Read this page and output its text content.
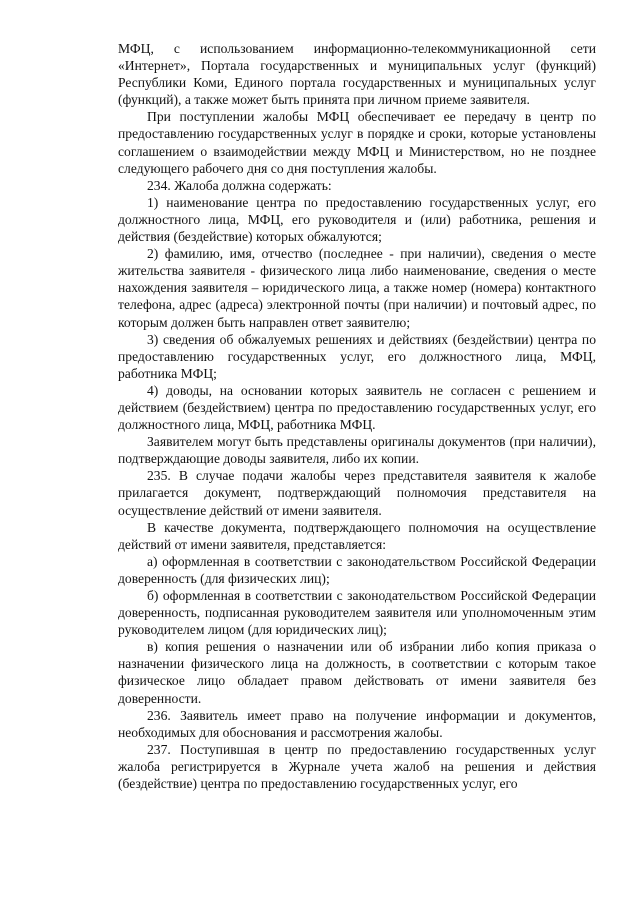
МФЦ, с использованием информационно-телекоммуникационной сети «Интернет», Портала государственных и муниципальных услуг (функций) Республики Коми, Единого портала государственных и муниципальных услуг (функций), а также может быть принята при личном приеме заявителя.

При поступлении жалобы МФЦ обеспечивает ее передачу в центр по предоставлению государственных услуг в порядке и сроки, которые установлены соглашением о взаимодействии между МФЦ и Министерством, но не позднее следующего рабочего дня со дня поступления жалобы.

234. Жалоба должна содержать:

1) наименование центра по предоставлению государственных услуг, его должностного лица, МФЦ, его руководителя и (или) работника, решения и действия (бездействие) которых обжалуются;

2) фамилию, имя, отчество (последнее - при наличии), сведения о месте жительства заявителя - физического лица либо наименование, сведения о месте нахождения заявителя – юридического лица, а также номер (номера) контактного телефона, адрес (адреса) электронной почты (при наличии) и почтовый адрес, по которым должен быть направлен ответ заявителю;

3) сведения об обжалуемых решениях и действиях (бездействии) центра по предоставлению государственных услуг, его должностного лица, МФЦ, работника МФЦ;

4) доводы, на основании которых заявитель не согласен с решением и действием (бездействием) центра по предоставлению государственных услуг, его должностного лица, МФЦ, работника МФЦ.

Заявителем могут быть представлены оригиналы документов (при наличии), подтверждающие доводы заявителя, либо их копии.

235. В случае подачи жалобы через представителя заявителя к жалобе прилагается документ, подтверждающий полномочия представителя на осуществление действий от имени заявителя.

В качестве документа, подтверждающего полномочия на осуществление действий от имени заявителя, представляется:

а) оформленная в соответствии с законодательством Российской Федерации доверенность (для физических лиц);

б) оформленная в соответствии с законодательством Российской Федерации доверенность, подписанная руководителем заявителя или уполномоченным этим руководителем лицом (для юридических лиц);

в) копия решения о назначении или об избрании либо копия приказа о назначении физического лица на должность, в соответствии с которым такое физическое лицо обладает правом действовать от имени заявителя без доверенности.

236. Заявитель имеет право на получение информации и документов, необходимых для обоснования и рассмотрения жалобы.

237. Поступившая в центр по предоставлению государственных услуг жалоба регистрируется в Журнале учета жалоб на решения и действия (бездействие) центра по предоставлению государственных услуг, его
